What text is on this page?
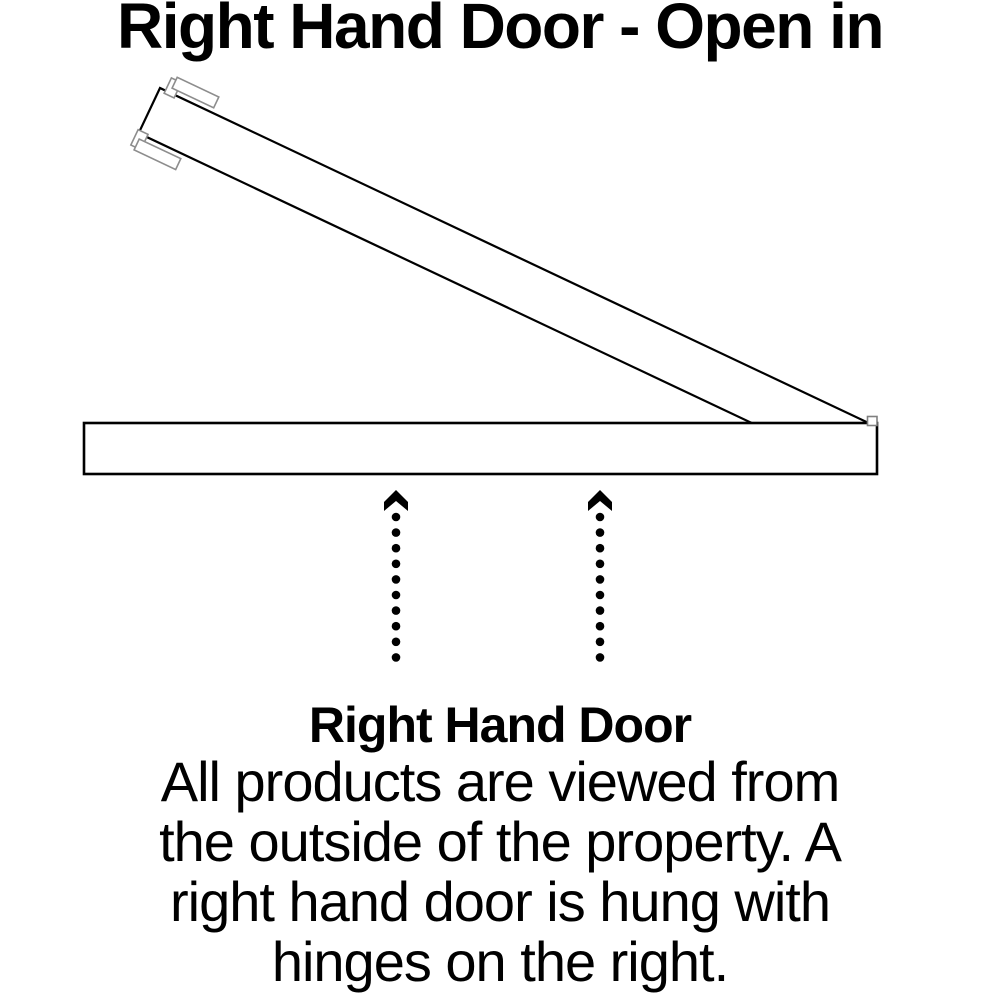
Right Hand Door - Open in
Right Hand Door
All products are viewed from
the outside of the property. A
right hand door is hung with
hinges on the right.
